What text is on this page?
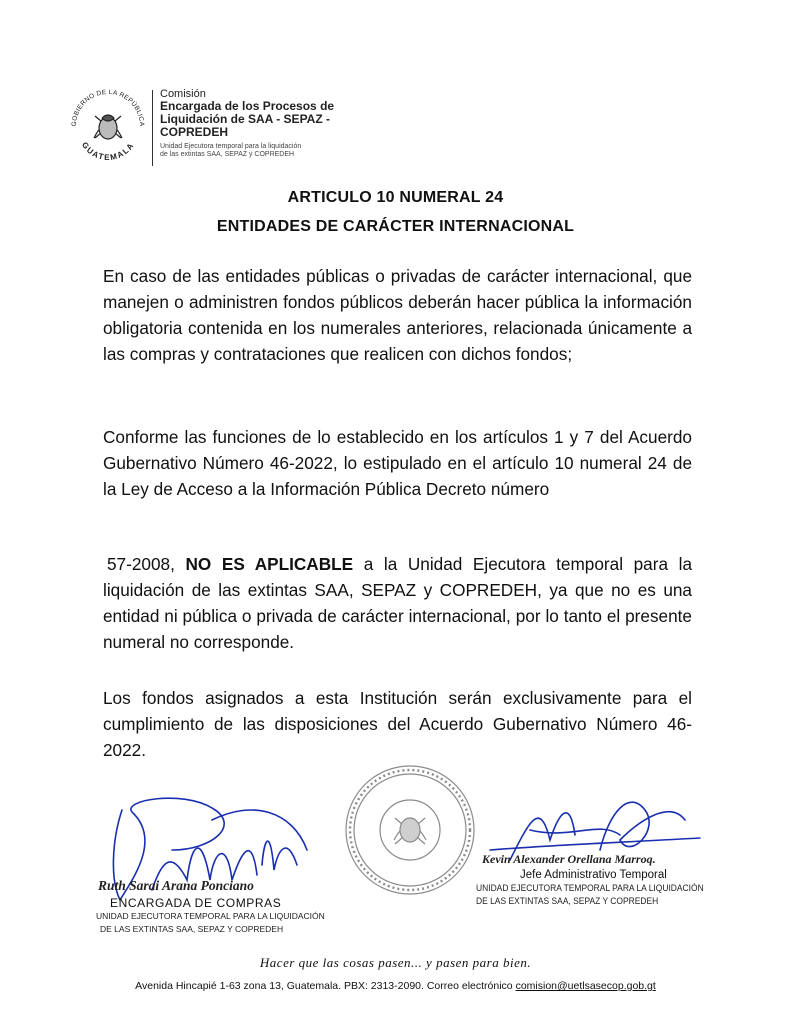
GOBIERNO DE LA REPÚBLICA
GUATEMALA
Comisión
Encargada de los Procesos de
Liquidación de SAA - SEPAZ -
COPREDEH
Unidad Ejecutora temporal para la liquidación
de las extintas SAA, SEPAZ y COPREDEH
ARTICULO 10 NUMERAL 24
ENTIDADES DE CARÁCTER INTERNACIONAL
En caso de las entidades públicas o privadas de carácter internacional, que manejen o administren fondos públicos deberán hacer pública la información obligatoria contenida en los numerales anteriores, relacionada únicamente a las compras y contrataciones que realicen con dichos fondos;
Conforme las funciones de lo establecido en los artículos 1 y 7 del Acuerdo Gubernativo Número 46-2022, lo estipulado en el artículo 10 numeral 24 de la Ley de Acceso a la Información Pública Decreto número
57-2008, NO ES APLICABLE a la Unidad Ejecutora temporal para la liquidación de las extintas SAA, SEPAZ y COPREDEH, ya que no es una entidad ni pública o privada de carácter internacional, por lo tanto el presente numeral no corresponde.
Los fondos asignados a esta Institución serán exclusivamente para el cumplimiento de las disposiciones del Acuerdo Gubernativo Número 46-2022.
Ruth Sarai Arana Ponciano
ENCARGADA DE COMPRAS
UNIDAD EJECUTORA TEMPORAL PARA LA LIQUIDACIÓN
DE LAS EXTINTAS SAA, SEPAZ Y COPREDEH
Kevin Alexander Orellana Marroq.
Jefe Administrativo Temporal
UNIDAD EJECUTORA TEMPORAL PARA LA LIQUIDACIÓN
DE LAS EXTINTAS SAA, SEPAZ Y COPREDEH
Hacer que las cosas pasen... y pasen para bien.
Avenida Hincapié 1-63 zona 13, Guatemala. PBX: 2313-2090. Correo electrónico comision@uetlsasecop.gob.gt
